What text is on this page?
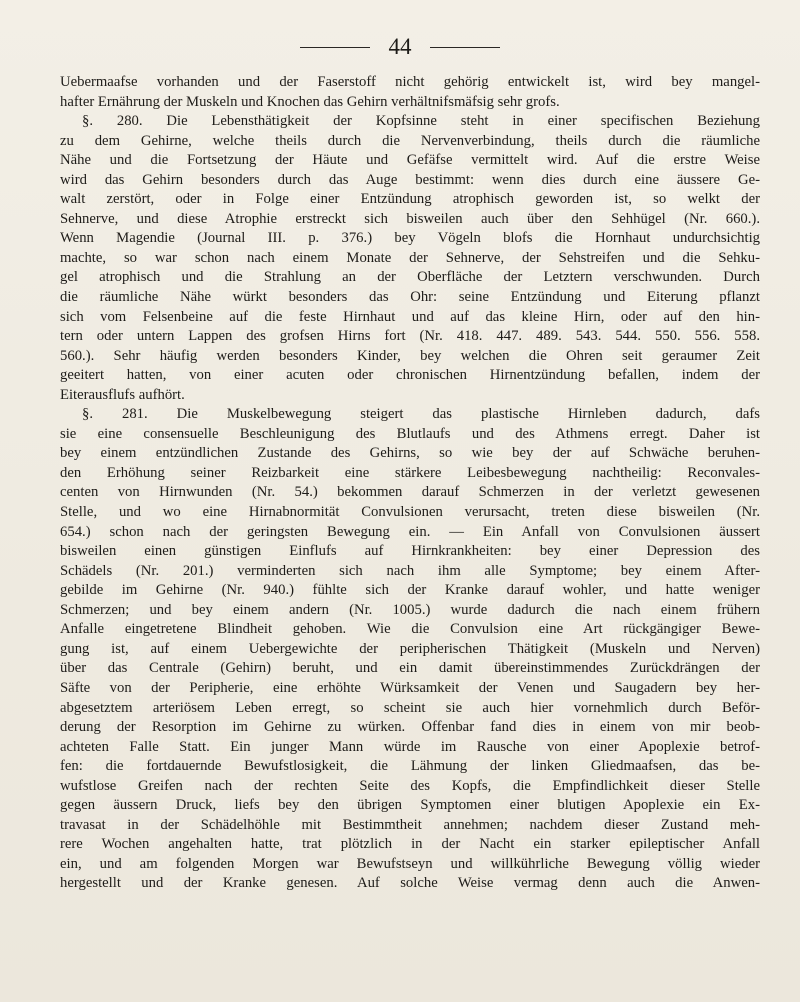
44
Uebermaafse vorhanden und der Faserstoff nicht gehörig entwickelt ist, wird bey mangel-
hafter Ernährung der Muskeln und Knochen das Gehirn verhältnifsmäfsig sehr grofs.
§. 280. Die Lebensthätigkeit der Kopfsinne steht in einer specifischen Beziehung
zu dem Gehirne, welche theils durch die Nervenverbindung, theils durch die räumliche
Nähe und die Fortsetzung der Häute und Gefäfse vermittelt wird. Auf die erstre Weise
wird das Gehirn besonders durch das Auge bestimmt: wenn dies durch eine äussere Ge-
walt zerstört, oder in Folge einer Entzündung atrophisch geworden ist, so welkt der
Sehnerve, und diese Atrophie erstreckt sich bisweilen auch über den Sehhügel (Nr. 660.).
Wenn Magendie (Journal III. p. 376.) bey Vögeln blofs die Hornhaut undurchsichtig
machte, so war schon nach einem Monate der Sehnerve, der Sehstreifen und die Sehku-
gel atrophisch und die Strahlung an der Oberfläche der Letztern verschwunden. Durch
die räumliche Nähe würkt besonders das Ohr: seine Entzündung und Eiterung pflanzt
sich vom Felsenbeine auf die feste Hirnhaut und auf das kleine Hirn, oder auf den hin-
tern oder untern Lappen des grofsen Hirns fort (Nr. 418. 447. 489. 543. 544. 550. 556. 558.
560.). Sehr häufig werden besonders Kinder, bey welchen die Ohren seit geraumer Zeit
geeitert hatten, von einer acuten oder chronischen Hirnentzündung befallen, indem der
Eiterausflufs aufhört.
§. 281. Die Muskelbewegung steigert das plastische Hirnleben dadurch, dafs
sie eine consensuelle Beschleunigung des Blutlaufs und des Athmens erregt. Daher ist
bey einem entzündlichen Zustande des Gehirns, so wie bey der auf Schwäche beruhen-
den Erhöhung seiner Reizbarkeit eine stärkere Leibesbewegung nachtheilig: Reconvales-
centen von Hirnwunden (Nr. 54.) bekommen darauf Schmerzen in der verletzt gewesenen
Stelle, und wo eine Hirnabnormität Convulsionen verursacht, treten diese bisweilen (Nr.
654.) schon nach der geringsten Bewegung ein. — Ein Anfall von Convulsionen äussert
bisweilen einen günstigen Einflufs auf Hirnkrankheiten: bey einer Depression des
Schädels (Nr. 201.) verminderten sich nach ihm alle Symptome; bey einem After-
gebilde im Gehirne (Nr. 940.) fühlte sich der Kranke darauf wohler, und hatte weniger
Schmerzen; und bey einem andern (Nr. 1005.) wurde dadurch die nach einem frühern
Anfalle eingetretene Blindheit gehoben. Wie die Convulsion eine Art rückgängiger Bewe-
gung ist, auf einem Uebergewichte der peripherischen Thätigkeit (Muskeln und Nerven)
über das Centrale (Gehirn) beruht, und ein damit übereinstimmendes Zurückdrängen der
Säfte von der Peripherie, eine erhöhte Würksamkeit der Venen und Saugadern bey her-
abgesetztem arteriösem Leben erregt, so scheint sie auch hier vornehmlich durch Beför-
derung der Resorption im Gehirne zu würken. Offenbar fand dies in einem von mir beob-
achteten Falle Statt. Ein junger Mann würde im Rausche von einer Apoplexie betrof-
fen: die fortdauernde Bewufstlosigkeit, die Lähmung der linken Gliedmaafsen, das be-
wufstlose Greifen nach der rechten Seite des Kopfs, die Empfindlichkeit dieser Stelle
gegen äussern Druck, liefs bey den übrigen Symptomen einer blutigen Apoplexie ein Ex-
travasat in der Schädelhöhle mit Bestimmtheit annehmen; nachdem dieser Zustand meh-
rere Wochen angehalten hatte, trat plötzlich in der Nacht ein starker epileptischer Anfall
ein, und am folgenden Morgen war Bewufstseyn und willkührliche Bewegung völlig wieder
hergestellt und der Kranke genesen. Auf solche Weise vermag denn auch die Anwen-
